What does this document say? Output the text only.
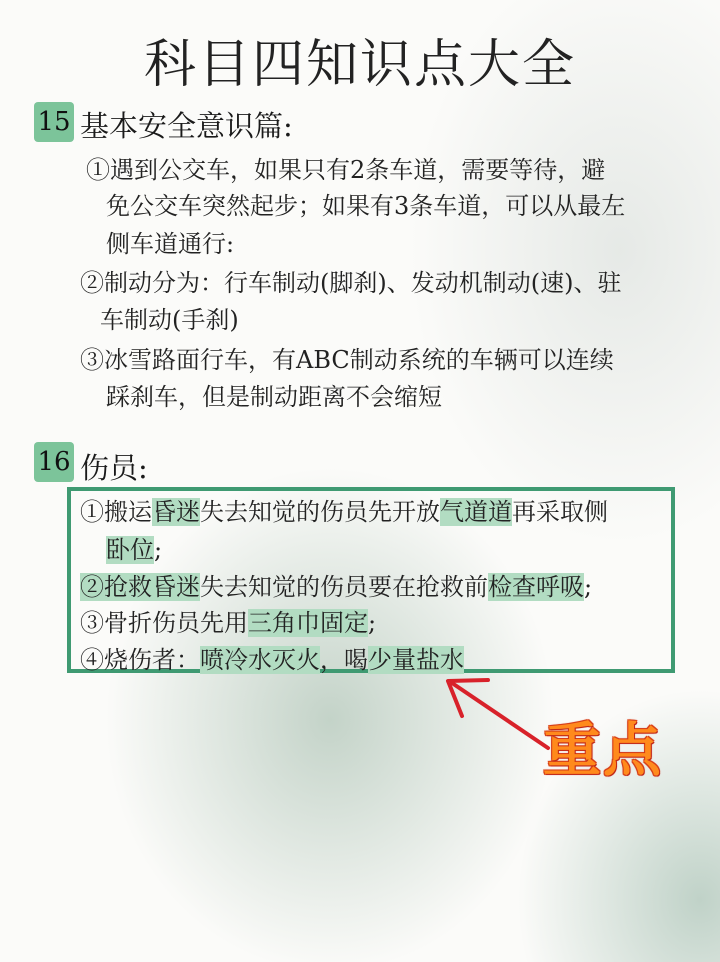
科目四知识点大全
15 基本安全意识篇:
①遇到公交车，如果只有2条车道，需要等待，避
免公交车突然起步；如果有3条车道，可以从最左
侧车道通行:
②制动分为：行车制动(脚刹)、发动机制动(速)、驻
车制动(手刹)
③冰雪路面行车，有ABC制动系统的车辆可以连续
踩刹车，但是制动距离不会缩短
16 伤员:
①搬运昏迷失去知觉的伤员先开放气道道再采取侧
卧位;
②抢救昏迷失去知觉的伤员要在抢救前检查呼吸;
③骨折伤员先用三角巾固定;
④烧伤者：喷冷水灭火，喝少量盐水
重点
